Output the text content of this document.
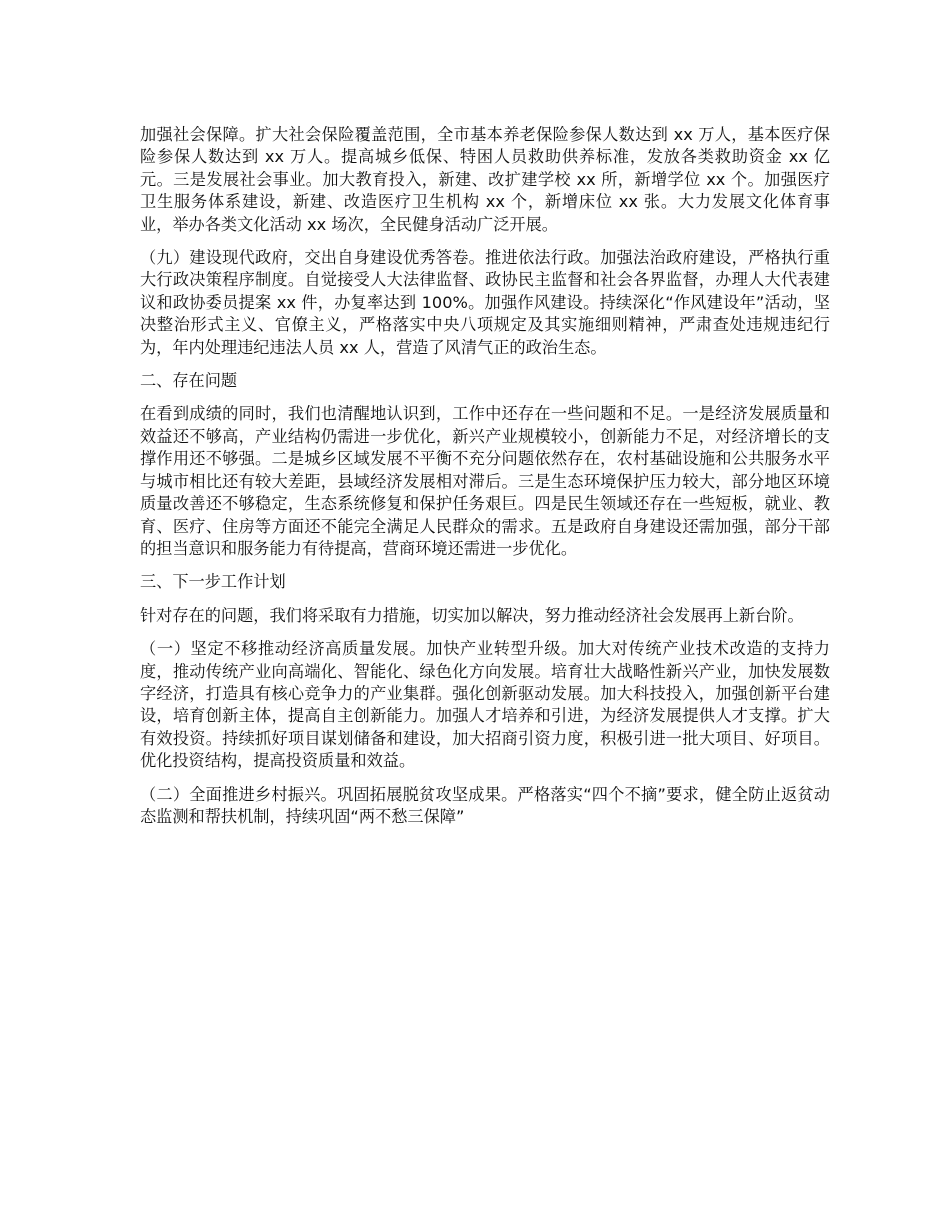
加强社会保障。扩大社会保险覆盖范围，全市基本养老保险参保人数达到 xx 万人，基本医疗保险参保人数达到 xx 万人。提高城乡低保、特困人员救助供养标准，发放各类救助资金 xx 亿元。三是发展社会事业。加大教育投入，新建、改扩建学校 xx 所，新增学位 xx 个。加强医疗卫生服务体系建设，新建、改造医疗卫生机构 xx 个，新增床位 xx 张。大力发展文化体育事业，举办各类文化活动 xx 场次，全民健身活动广泛开展。

（九）建设现代政府，交出自身建设优秀答卷。推进依法行政。加强法治政府建设，严格执行重大行政决策程序制度。自觉接受人大法律监督、政协民主监督和社会各界监督，办理人大代表建议和政协委员提案 xx 件，办复率达到 100%。加强作风建设。持续深化“作风建设年”活动，坚决整治形式主义、官僚主义，严格落实中央八项规定及其实施细则精神，严肃查处违规违纪行为，年内处理违纪违法人员 xx 人，营造了风清气正的政治生态。

二、存在问题

在看到成绩的同时，我们也清醒地认识到，工作中还存在一些问题和不足。一是经济发展质量和效益还不够高，产业结构仍需进一步优化，新兴产业规模较小，创新能力不足，对经济增长的支撑作用还不够强。二是城乡区域发展不平衡不充分问题依然存在，农村基础设施和公共服务水平与城市相比还有较大差距，县域经济发展相对滞后。三是生态环境保护压力较大，部分地区环境质量改善还不够稳定，生态系统修复和保护任务艰巨。四是民生领域还存在一些短板，就业、教育、医疗、住房等方面还不能完全满足人民群众的需求。五是政府自身建设还需加强，部分干部的担当意识和服务能力有待提高，营商环境还需进一步优化。

三、下一步工作计划

针对存在的问题，我们将采取有力措施，切实加以解决，努力推动经济社会发展再上新台阶。

（一）坚定不移推动经济高质量发展。加快产业转型升级。加大对传统产业技术改造的支持力度，推动传统产业向高端化、智能化、绿色化方向发展。培育壮大战略性新兴产业，加快发展数字经济，打造具有核心竞争力的产业集群。强化创新驱动发展。加大科技投入，加强创新平台建设，培育创新主体，提高自主创新能力。加强人才培养和引进，为经济发展提供人才支撑。扩大有效投资。持续抓好项目谋划储备和建设，加大招商引资力度，积极引进一批大项目、好项目。优化投资结构，提高投资质量和效益。

（二）全面推进乡村振兴。巩固拓展脱贫攻坚成果。严格落实“四个不摘”要求，健全防止返贫动态监测和帮扶机制，持续巩固“两不愁三保障”
